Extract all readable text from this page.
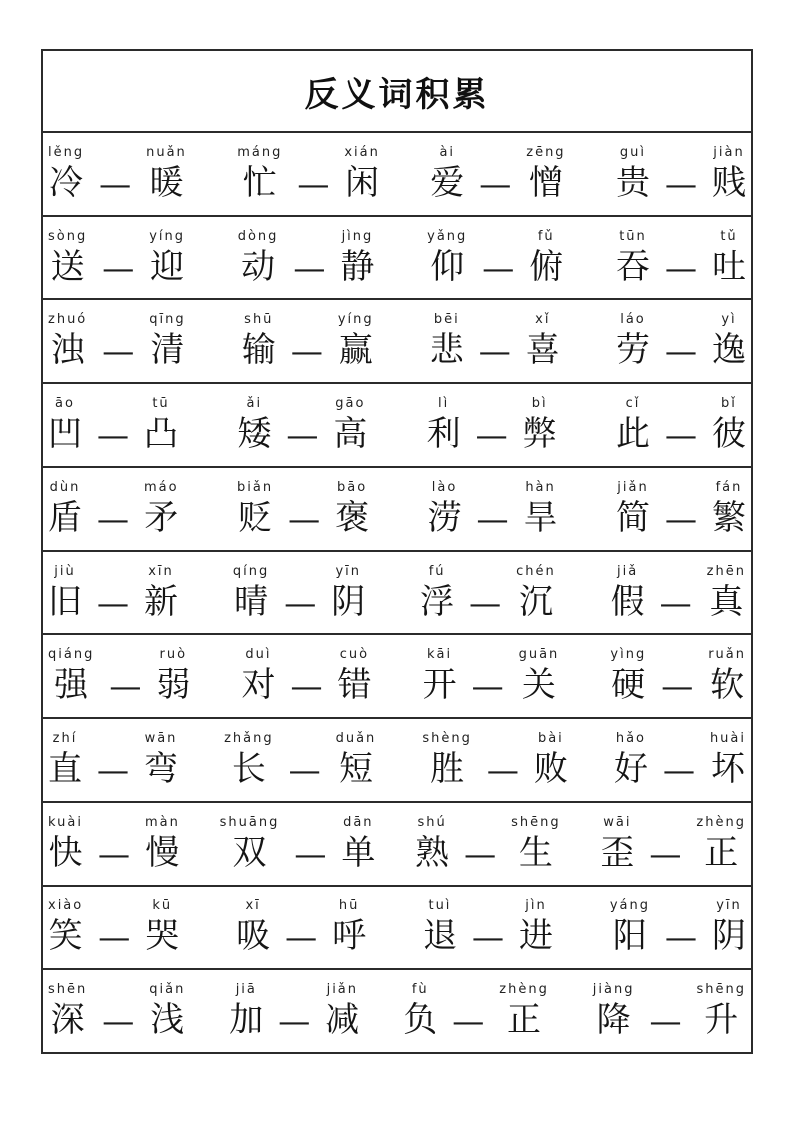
反义词积累
lěng
冷 —
nuǎn
暖
máng
忙 —
xián
闲
ài
爱 —
zēng
憎
guì
贵 —
jiàn
贱
sòng
送 —
yíng
迎
dòng
动 —
jìng
静
yǎng
仰 —
fǔ
俯
tūn
吞 —
tǔ
吐
zhuó
浊 —
qīng
清
shū
输 —
yíng
赢
bēi
悲 —
xǐ
喜
láo
劳 —
yì
逸
āo
凹 —
tū
凸
ǎi
矮 —
gāo
高
lì
利 —
bì
弊
cǐ
此 —
bǐ
彼
dùn
盾 —
máo
矛
biǎn
贬 —
bāo
褒
lào
涝 —
hàn
旱
jiǎn
简 —
fán
繁
jiù
旧 —
xīn
新
qíng
晴 —
yīn
阴
fú
浮 —
chén
沉
jiǎ
假 —
zhēn
真
qiáng
强 —
ruò
弱
duì
对 —
cuò
错
kāi
开 —
guān
关
yìng
硬 —
ruǎn
软
zhí
直 —
wān
弯
zhǎng
长 —
duǎn
短
shèng
胜 —
bài
败
hǎo
好 —
huài
坏
kuài
快 —
màn
慢
shuāng
双 —
dān
单
shú
熟 —
shēng
生
wāi
歪 —
zhèng
正
xiào
笑 —
kū
哭
xī
吸 —
hū
呼
tuì
退 —
jìn
进
yáng
阳 —
yīn
阴
shēn
深 —
qiǎn
浅
jiā
加 —
jiǎn
减
fù
负 —
zhèng
正
jiàng
降 —
shēng
升
